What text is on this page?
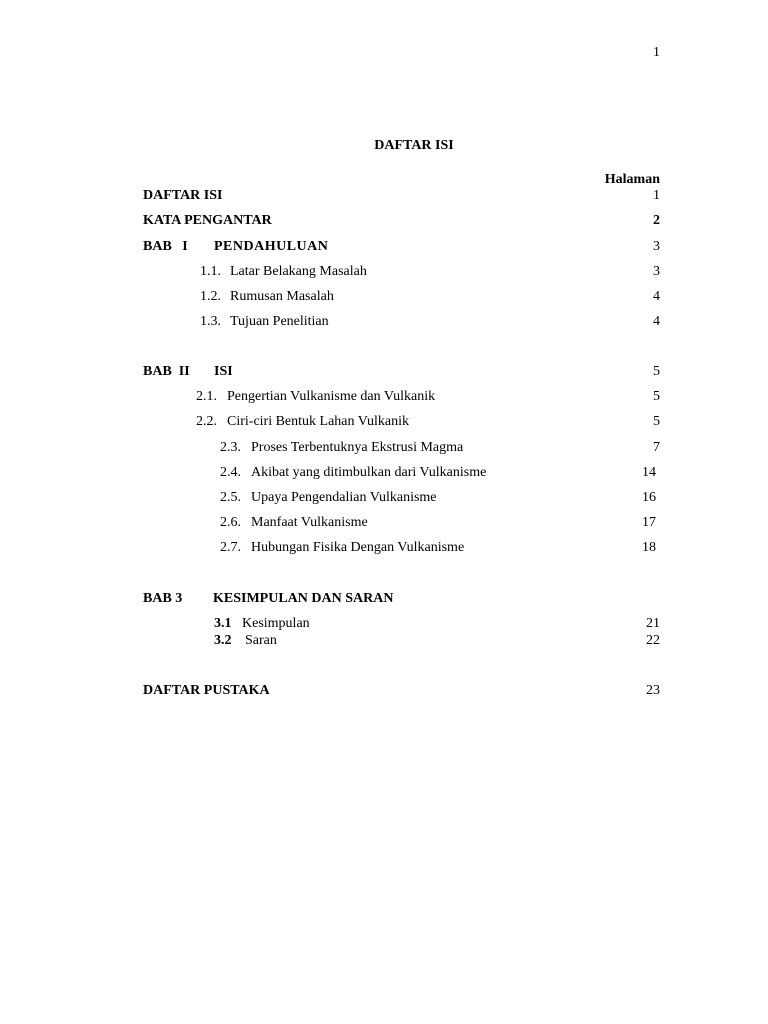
1
DAFTAR ISI
Halaman
DAFTAR ISI	1
KATA PENGANTAR	2
BAB   I PENDAHULUAN	3
1.1. Latar Belakang Masalah	3
1.2. Rumusan Masalah	4
1.3. Tujuan Penelitian	4
BAB  II ISI	5
2.1. Pengertian Vulkanisme dan Vulkanik	5
2.2. Ciri-ciri Bentuk Lahan Vulkanik	5
2.3. Proses Terbentuknya Ekstrusi Magma	7
2.4. Akibat yang ditimbulkan dari Vulkanisme	14
2.5. Upaya Pengendalian Vulkanisme	16
2.6. Manfaat Vulkanisme	17
2.7. Hubungan Fisika Dengan Vulkanisme	18
BAB 3 KESIMPULAN DAN SARAN
3.1 Kesimpulan	21
3.2 Saran	22
DAFTAR PUSTAKA	23
